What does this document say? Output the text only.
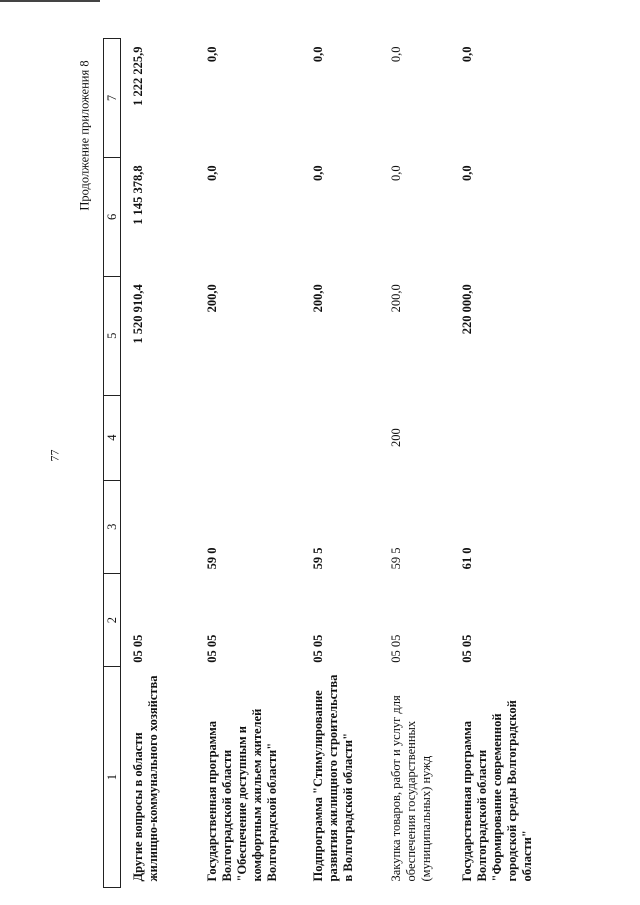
77
Продолжение приложения 8
1	2	3	4	5	6	7
Другие вопросы в области жилищно-коммунального хозяйства	05 05			1 520 910,4	1 145 378,8	1 222 225,9
Государственная программа Волгоградской области "Обеспечение доступным и комфортным жильем жителей Волгоградской области"	05 05	59 0		200,0	0,0	0,0
Подпрограмма "Стимулирование развития жилищного строительства в Волгоградской области"	05 05	59 5		200,0	0,0	0,0
Закупка товаров, работ и услуг для обеспечения государственных (муниципальных) нужд	05 05	59 5	200	200,0	0,0	0,0
Государственная программа Волгоградской области "Формирование современной городской среды Волгоградской области"	05 05	61 0		220 000,0	0,0	0,0
